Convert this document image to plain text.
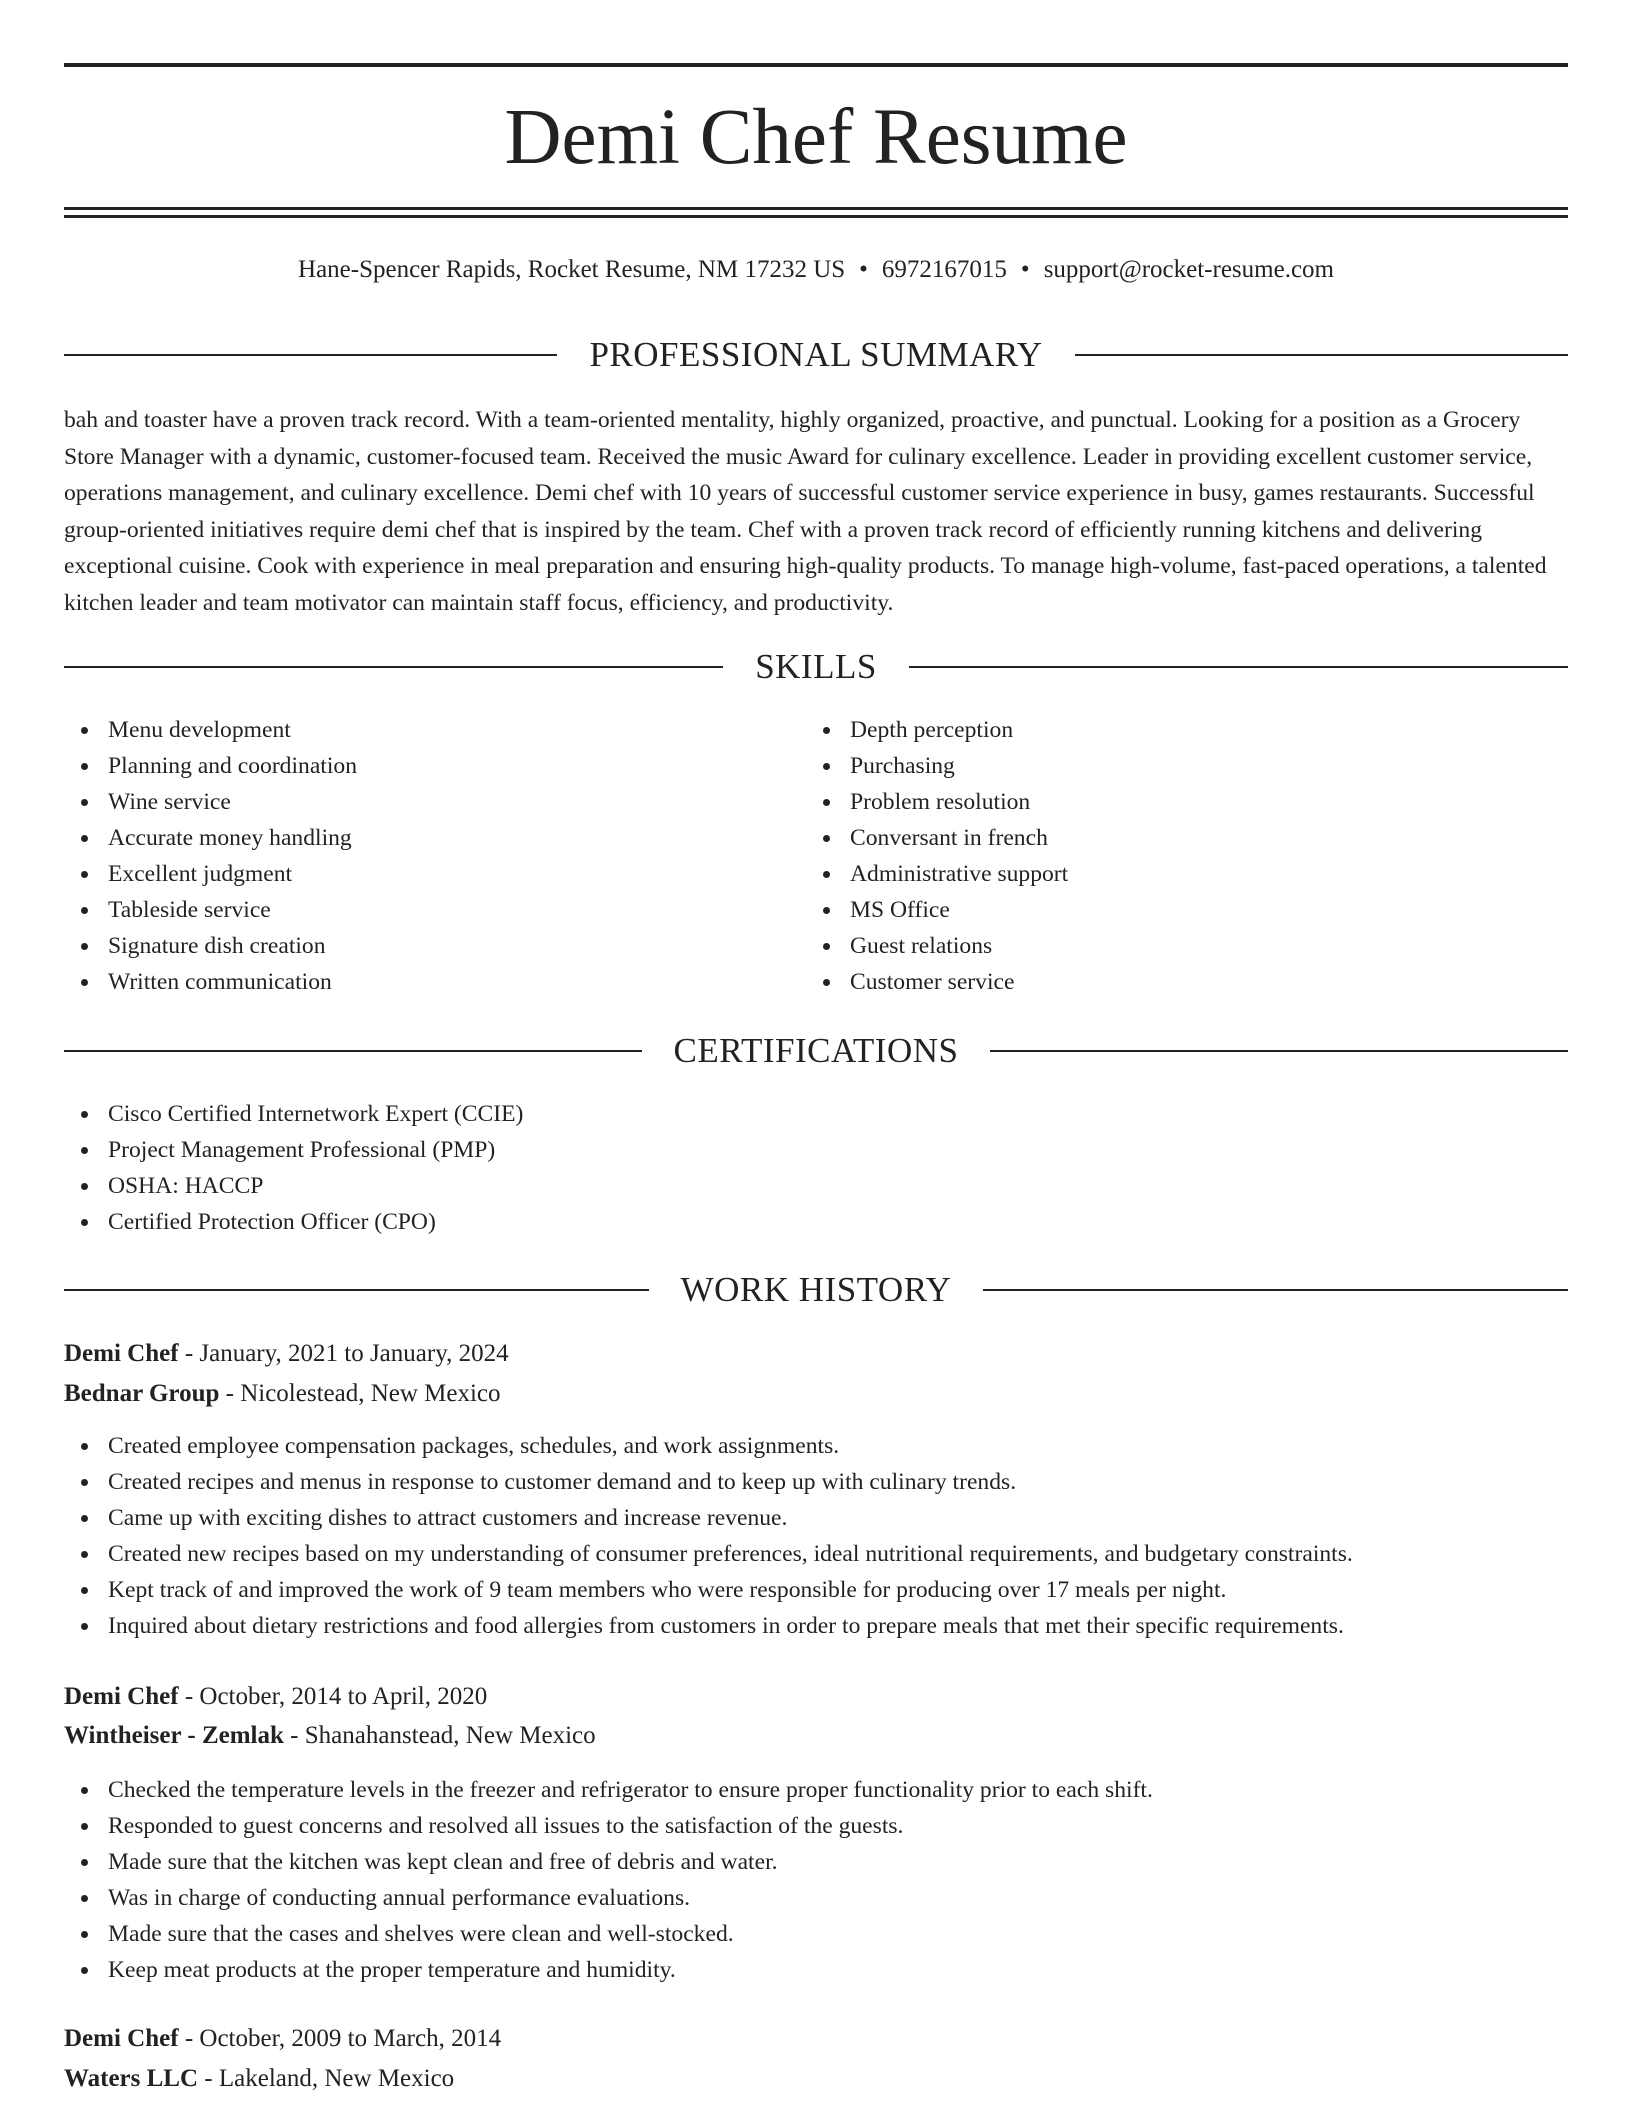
Demi Chef Resume
Hane-Spencer Rapids, Rocket Resume, NM 17232 US • 6972167015 • support@rocket-resume.com
PROFESSIONAL SUMMARY

bah and toaster have a proven track record. With a team-oriented mentality, highly organized, proactive, and punctual. Looking for a position as a Grocery Store Manager with a dynamic, customer-focused team. Received the music Award for culinary excellence. Leader in providing excellent customer service, operations management, and culinary excellence. Demi chef with 10 years of successful customer service experience in busy, games restaurants. Successful group-oriented initiatives require demi chef that is inspired by the team. Chef with a proven track record of efficiently running kitchens and delivering exceptional cuisine. Cook with experience in meal preparation and ensuring high-quality products. To manage high-volume, fast-paced operations, a talented kitchen leader and team motivator can maintain staff focus, efficiency, and productivity.

SKILLS
Menu development
Planning and coordination
Wine service
Accurate money handling
Excellent judgment
Tableside service
Signature dish creation
Written communication
Depth perception
Purchasing
Problem resolution
Conversant in french
Administrative support
MS Office
Guest relations
Customer service
CERTIFICATIONS
Cisco Certified Internetwork Expert (CCIE)
Project Management Professional (PMP)
OSHA: HACCP
Certified Protection Officer (CPO)
WORK HISTORY
Demi Chef - January, 2021 to January, 2024
Bednar Group - Nicolestead, New Mexico
Created employee compensation packages, schedules, and work assignments.
Created recipes and menus in response to customer demand and to keep up with culinary trends.
Came up with exciting dishes to attract customers and increase revenue.
Created new recipes based on my understanding of consumer preferences, ideal nutritional requirements, and budgetary constraints.
Kept track of and improved the work of 9 team members who were responsible for producing over 17 meals per night.
Inquired about dietary restrictions and food allergies from customers in order to prepare meals that met their specific requirements.
Demi Chef - October, 2014 to April, 2020
Wintheiser - Zemlak - Shanahanstead, New Mexico
Checked the temperature levels in the freezer and refrigerator to ensure proper functionality prior to each shift.
Responded to guest concerns and resolved all issues to the satisfaction of the guests.
Made sure that the kitchen was kept clean and free of debris and water.
Was in charge of conducting annual performance evaluations.
Made sure that the cases and shelves were clean and well-stocked.
Keep meat products at the proper temperature and humidity.
Demi Chef - October, 2009 to March, 2014
Waters LLC - Lakeland, New Mexico
